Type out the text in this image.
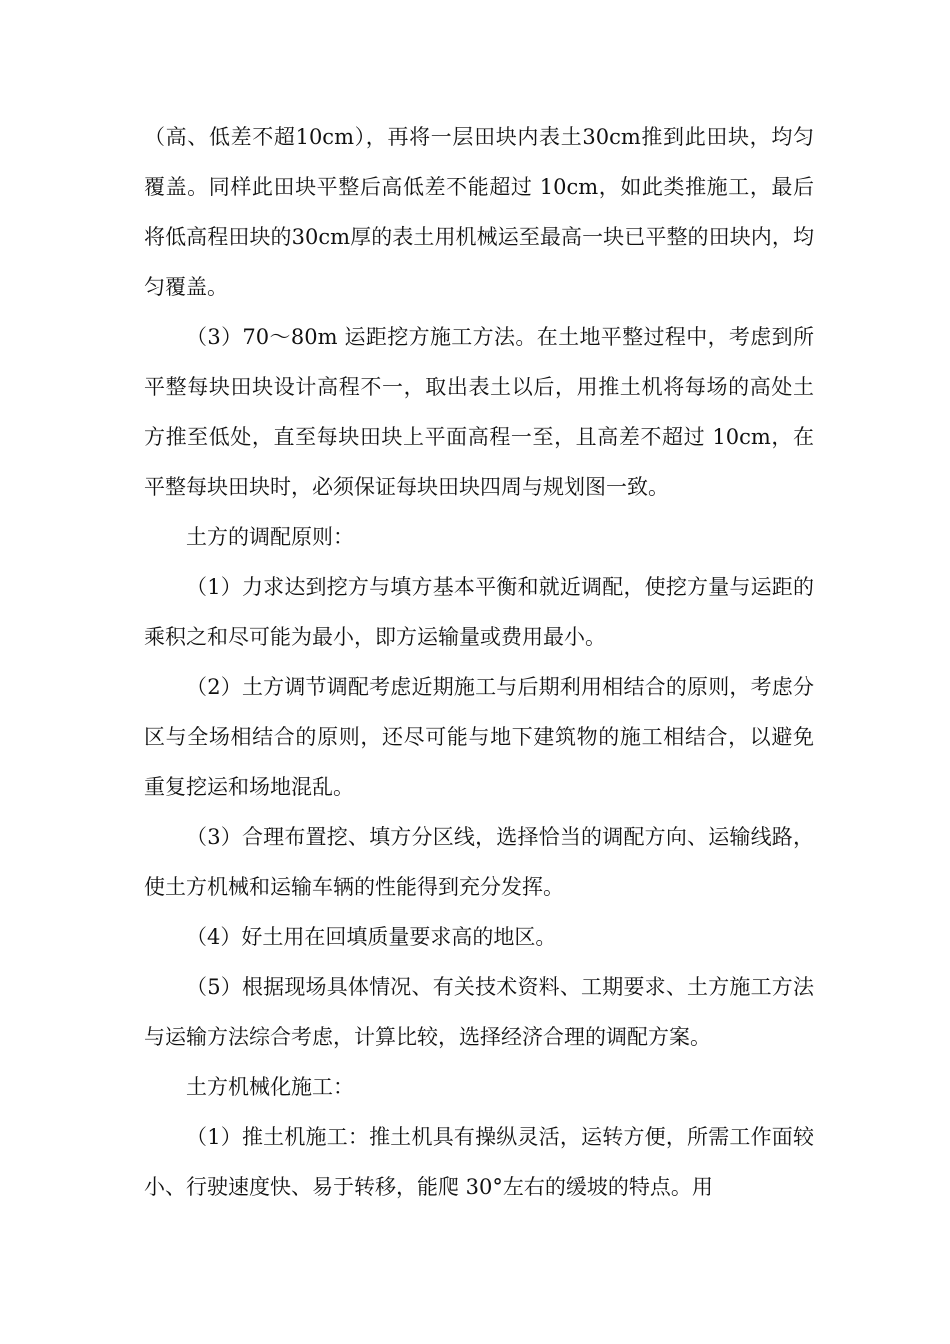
（高、低差不超10cm），再将一层田块内表土30cm推到此田块，均匀覆盖。同样此田块平整后高低差不能超过 10cm，如此类推施工，最后将低高程田块的30cm厚的表土用机械运至最高一块已平整的田块内，均匀覆盖。

（3）70～80m 运距挖方施工方法。在土地平整过程中，考虑到所平整每块田块设计高程不一，取出表土以后，用推土机将每场的高处土方推至低处，直至每块田块上平面高程一至，且高差不超过 10cm，在平整每块田块时，必须保证每块田块四周与规划图一致。

土方的调配原则：

（1）力求达到挖方与填方基本平衡和就近调配，使挖方量与运距的乘积之和尽可能为最小，即方运输量或费用最小。

（2）土方调节调配考虑近期施工与后期利用相结合的原则，考虑分区与全场相结合的原则，还尽可能与地下建筑物的施工相结合，以避免重复挖运和场地混乱。

（3）合理布置挖、填方分区线，选择恰当的调配方向、运输线路，使土方机械和运输车辆的性能得到充分发挥。

（4）好土用在回填质量要求高的地区。

（5）根据现场具体情况、有关技术资料、工期要求、土方施工方法与运输方法综合考虑，计算比较，选择经济合理的调配方案。

土方机械化施工：

（1）推土机施工：推土机具有操纵灵活，运转方便，所需工作面较小、行驶速度快、易于转移，能爬 30°左右的缓坡的特点。用
